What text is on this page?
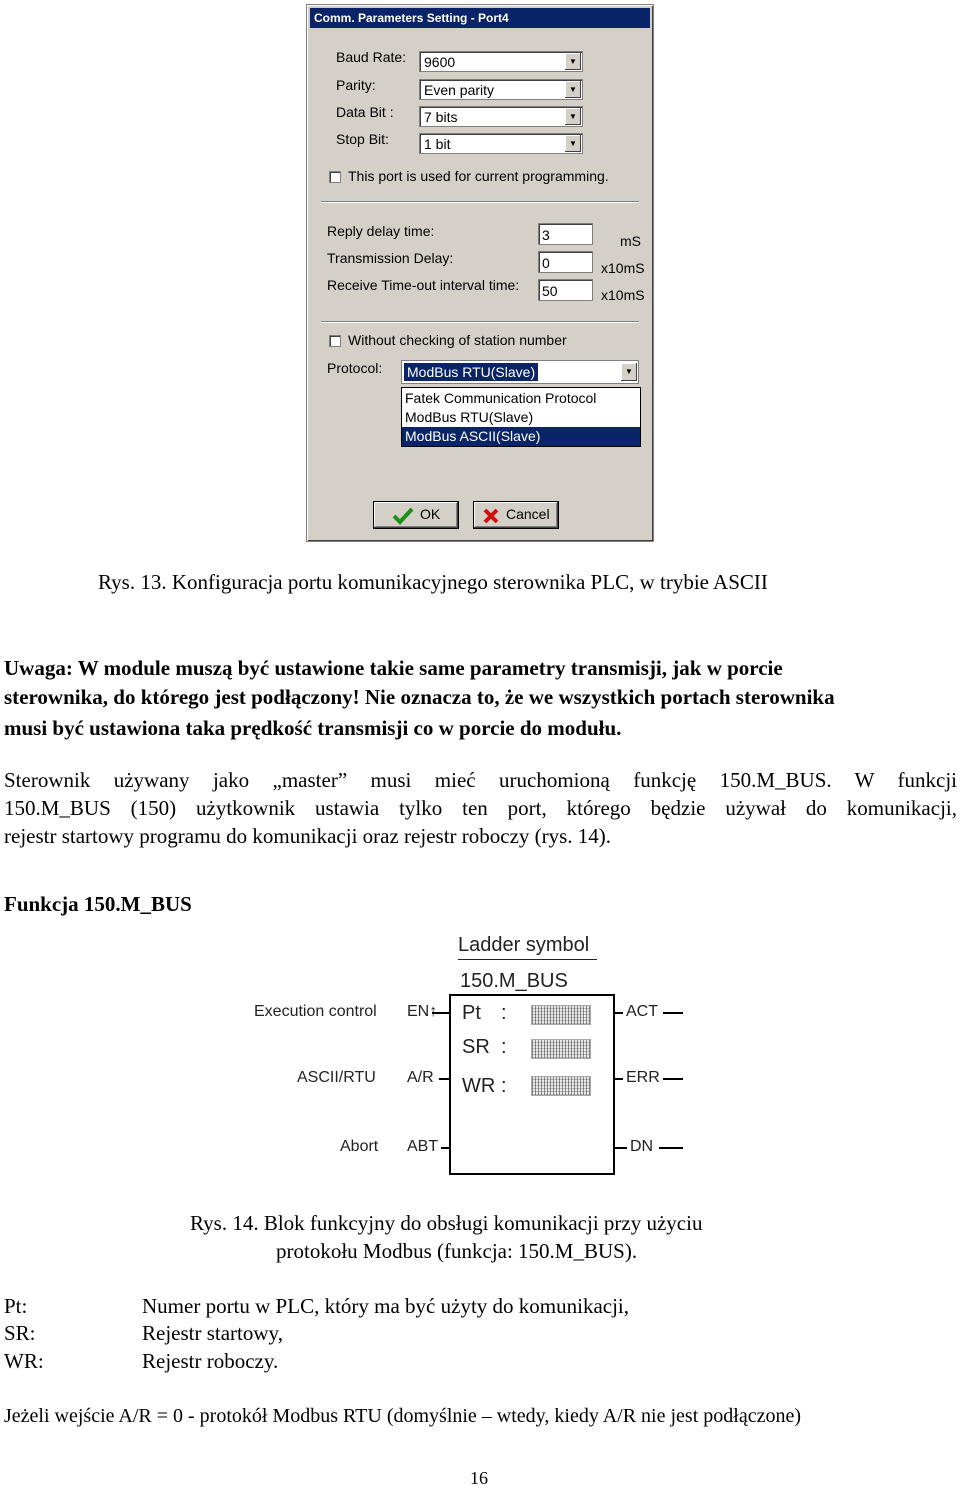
Comm. Parameters Setting - Port4
Baud Rate: 9600	▼
Parity:	Even parity	▼
Data Bit : 7 bits	▼
Stop Bit:	1 bit	▼
This port is used for current programming.
Reply delay time:	3	mS
Transmission Delay:	0	x10mS
Receive Time-out interval time: 50	x10mS
Without checking of station number
Protocol: ModBus RTU(Slave)	▼
Fatek Communication Protocol
ModBus RTU(Slave)
ModBus ASCII(Slave)
OK	Cancel
Rys. 13. Konfiguracja portu komunikacyjnego sterownika PLC, w trybie ASCII
Uwaga: W module muszą być ustawione takie same parametry transmisji, jak w porcie
sterownika, do którego jest podłączony! Nie oznacza to, że we wszystkich portach sterownika
musi być ustawiona taka prędkość transmisji co w porcie do modułu.
Sterownik używany jako „master” musi mieć uruchomioną funkcję 150.M_BUS. W funkcji
150.M_BUS (150) użytkownik ustawia tylko ten port, którego będzie używał do komunikacji,
rejestr startowy programu do komunikacji oraz rejestr roboczy (rys. 14).
Funkcja 150.M_BUS
Ladder symbol
150.M_BUS
Pt :
SR :
WR :
Execution control EN↑
ASCII/RTU A/R
Abort ABT
ACT
ERR
DN
Rys. 14. Blok funkcyjny do obsługi komunikacji przy użyciu
protokołu Modbus (funkcja: 150.M_BUS).
Pt:	Numer portu w PLC, który ma być użyty do komunikacji,
SR:	Rejestr startowy,
WR:	Rejestr roboczy.
Jeżeli wejście A/R = 0 - protokół Modbus RTU (domyślnie – wtedy, kiedy A/R nie jest podłączone)
16
